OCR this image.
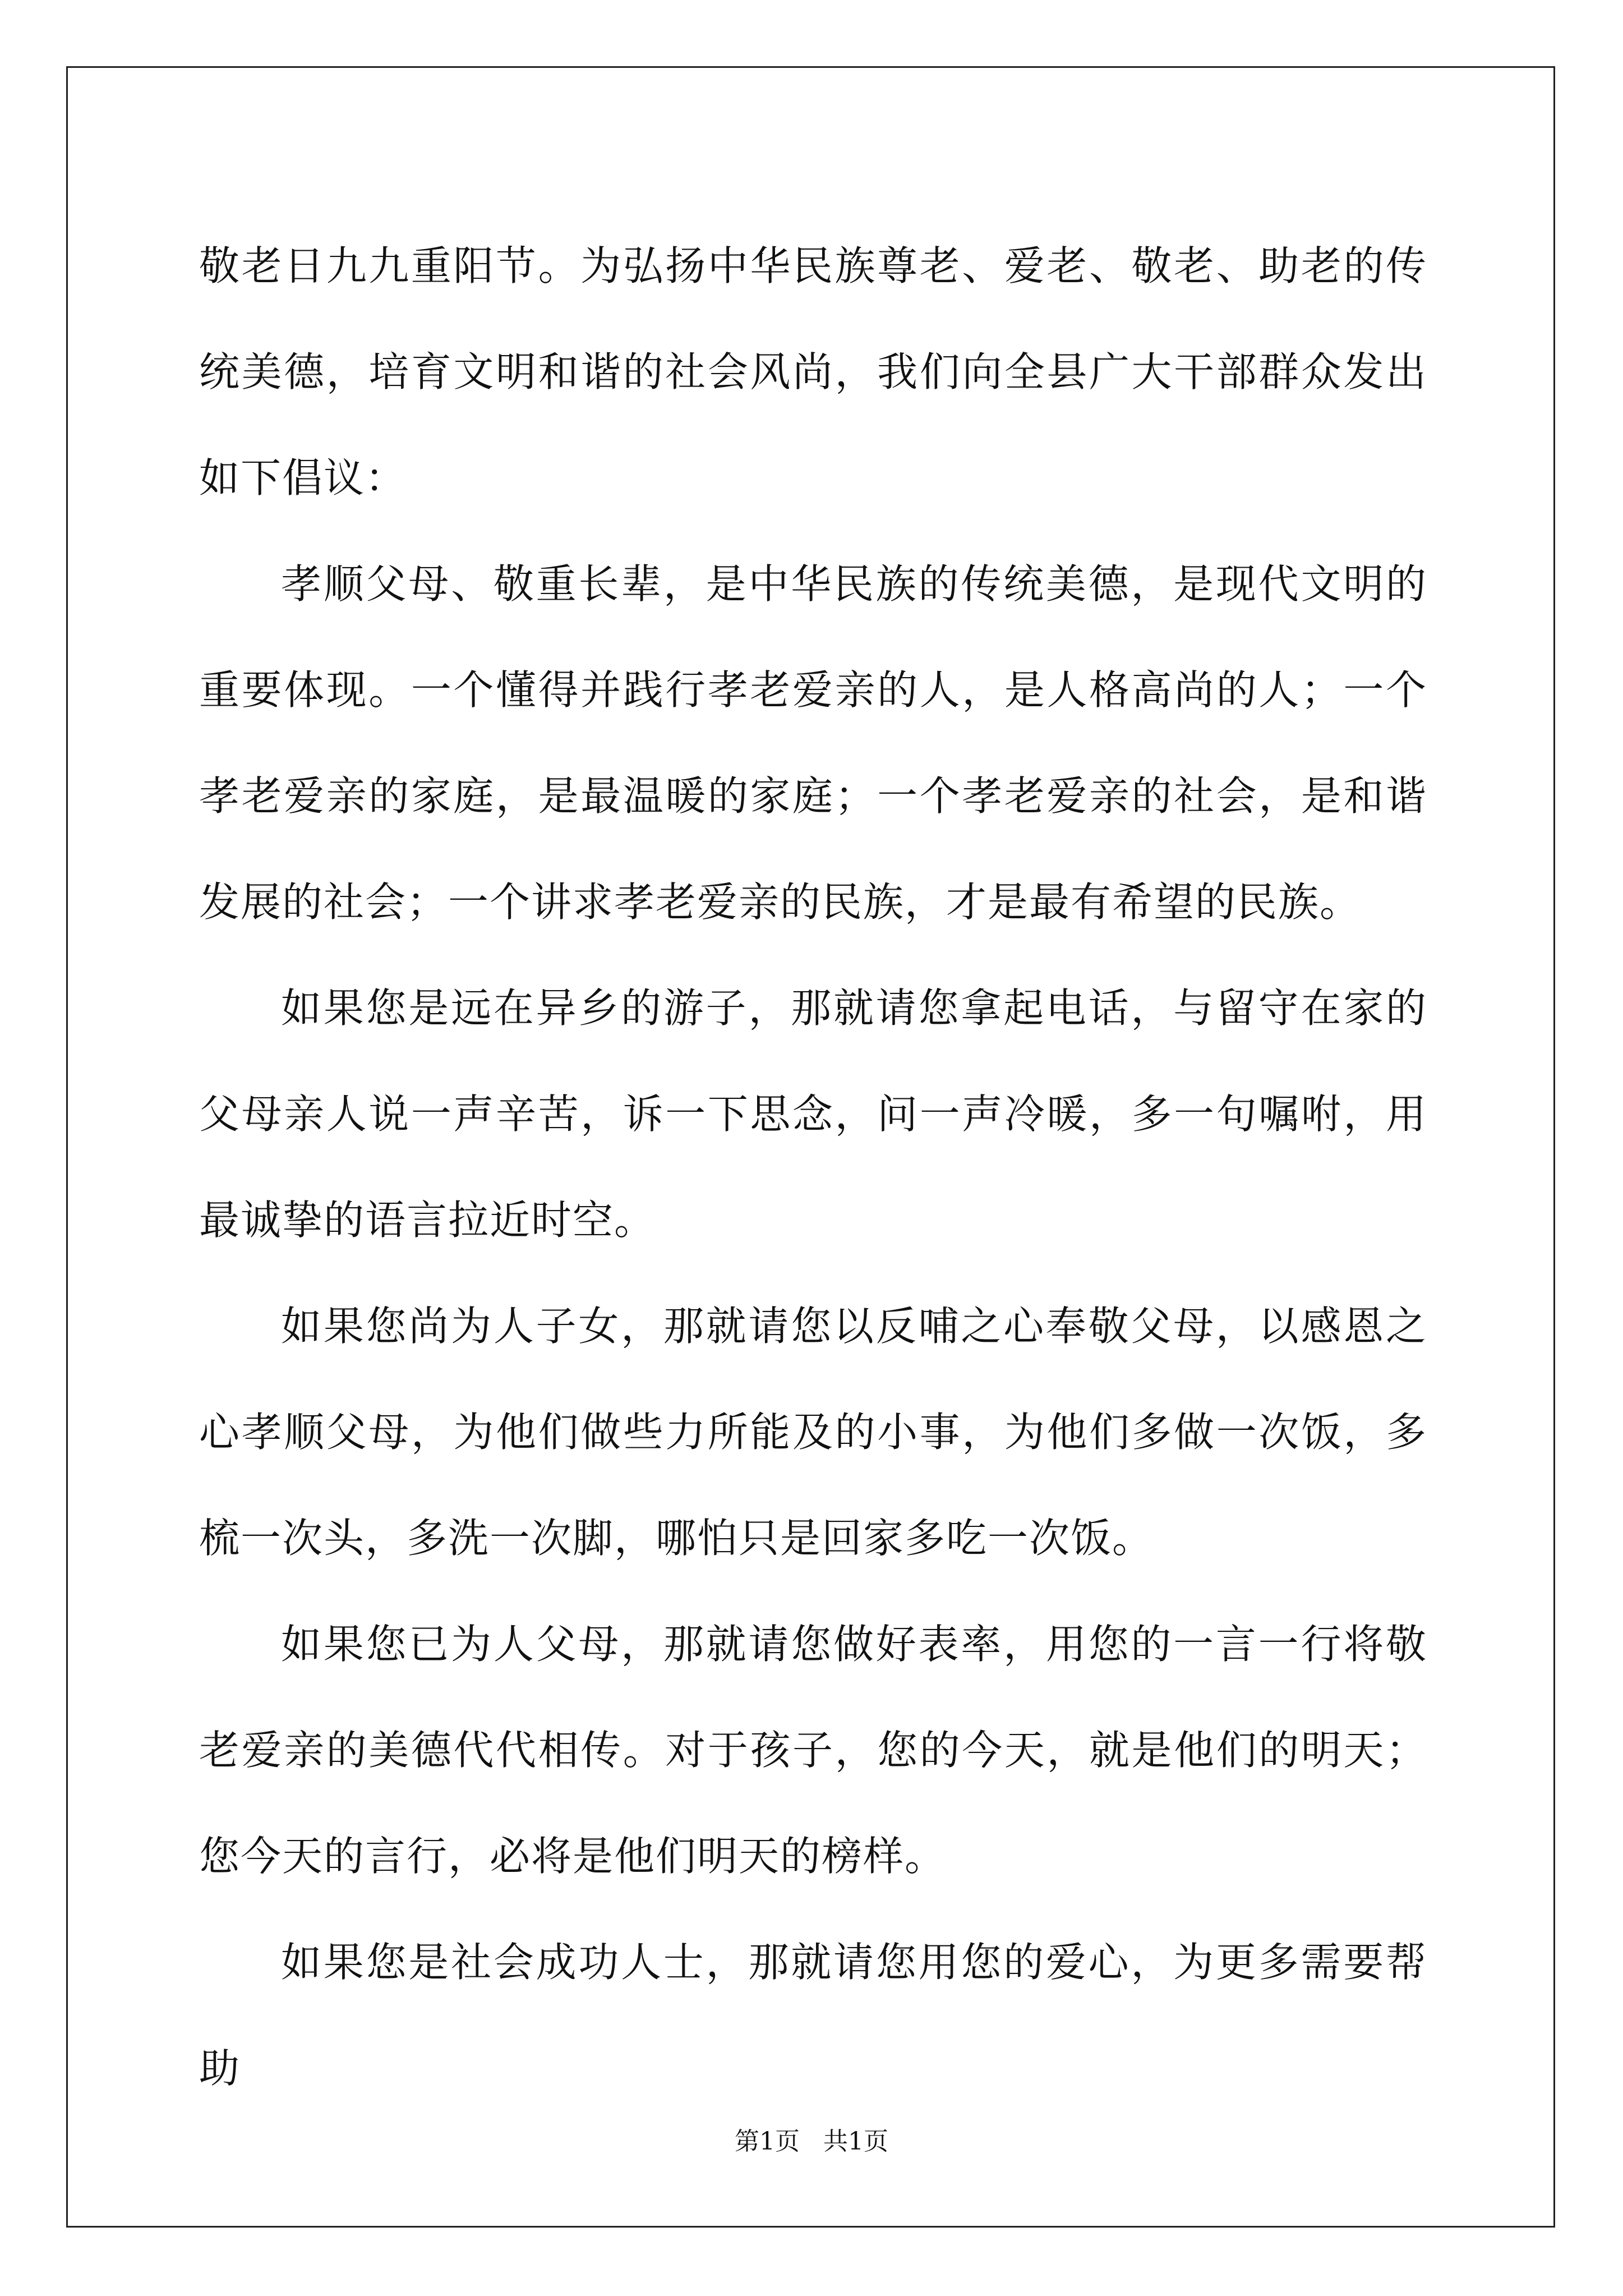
敬老日九九重阳节。为弘扬中华民族尊老、爱老、敬老、助老的传统美德，培育文明和谐的社会风尚，我们向全县广大干部群众发出如下倡议：

孝顺父母、敬重长辈，是中华民族的传统美德，是现代文明的重要体现。一个懂得并践行孝老爱亲的人，是人格高尚的人；一个孝老爱亲的家庭，是最温暖的家庭；一个孝老爱亲的社会，是和谐发展的社会；一个讲求孝老爱亲的民族，才是最有希望的民族。

如果您是远在异乡的游子，那就请您拿起电话，与留守在家的父母亲人说一声辛苦，诉一下思念，问一声冷暖，多一句嘱咐，用最诚挚的语言拉近时空。

如果您尚为人子女，那就请您以反哺之心奉敬父母，以感恩之心孝顺父母，为他们做些力所能及的小事，为他们多做一次饭，多梳一次头，多洗一次脚，哪怕只是回家多吃一次饭。

如果您已为人父母，那就请您做好表率，用您的一言一行将敬老爱亲的美德代代相传。对于孩子，您的今天，就是他们的明天；您今天的言行，必将是他们明天的榜样。

如果您是社会成功人士，那就请您用您的爱心，为更多需要帮助

第1页   共1页
